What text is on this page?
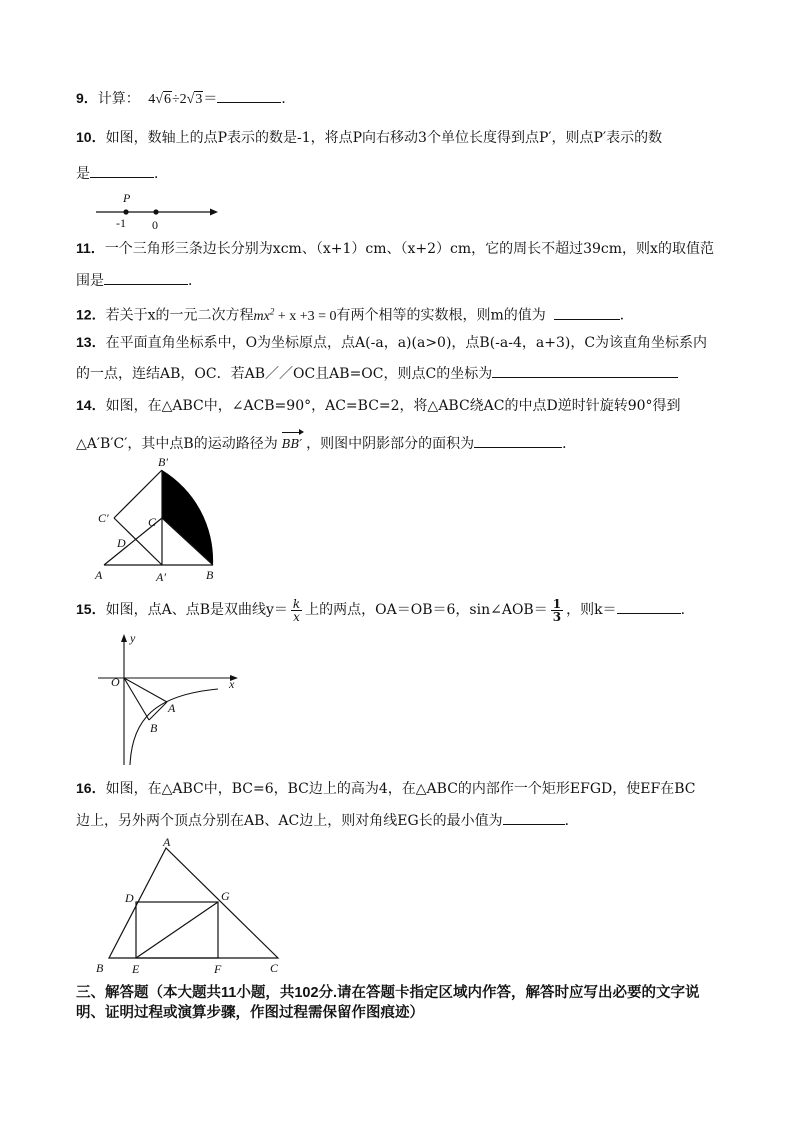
9．计算： 4√6÷2√3＝	．
10．如图，数轴上的点P表示的数是-1，将点P向右移动3个单位长度得到点P′，则点P′表示的数
是	．
P
-1 0
11．一个三角形三条边长分别为xcm、（x+1）cm、（x+2）cm，它的周长不超过39cm，则x的取值范
围是	．
12．若关于x的一元二次方程$mx^2 + x +3 = 0$有两个相等的实数根，则m的值为	．
13．在平面直角坐标系中，O为坐标原点，点A(-a，a)(a>0)，点B(-a-4，a+3)，C为该直角坐标系内
的一点，连结AB，OC．若AB／／OC且AB=OC，则点C的坐标为
14．如图，在△ABC中，∠ACB=90°，AC=BC=2，将△ABC绕AC的中点D逆时针旋转90°得到
△A′B′C′，其中点B的运动路径为 BB′ ，则图中阴影部分的面积为	．
B′
C′	C
D
A	A′	B
15．如图，点A、点B是双曲线$y= \frac{k}{x}$ 上的两点，OA＝OB＝6，sin∠AOB＝ $\frac{1}{3}$ ，则k＝	.
y
x
O
A
B
16．如图，在△ABC中，BC=6，BC边上的高为4，在△ABC的内部作一个矩形EFGD，使EF在BC
边上，另外两个顶点分别在AB、AC边上，则对角线EG长的最小值为	．
A
D	G
B E	F	C
三、解答题（本大题共11小题，共102分.请在答题卡指定区域内作答，解答时应写出必要的文字说明、证明过程或演算步骤，作图过程需保留作图痕迹）
